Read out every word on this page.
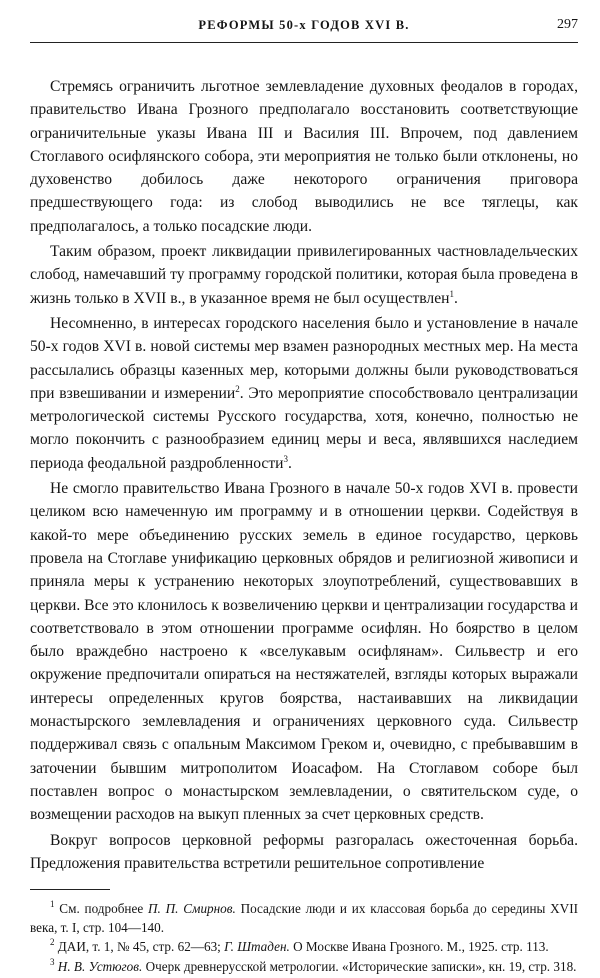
РЕФОРМЫ 50-х ГОДОВ XVI В.	297

Стремясь ограничить льготное землевладение духовных феодалов в городах, правительство Ивана Грозного предполагало восстановить соответствующие ограничительные указы Ивана III и Василия III. Впрочем, под давлением Стоглавого осифлянского собора, эти мероприятия не только были отклонены, но духовенство добилось даже некоторого ограничения приговора предшествующего года: из слобод выводились не все тяглецы, как предполагалось, а только посадские люди.

Таким образом, проект ликвидации привилегированных частновладельческих слобод, намечавший ту программу городской политики, которая была проведена в жизнь только в XVII в., в указанное время не был осуществлен$^1$.

Несомненно, в интересах городского населения было и установление в начале 50-х годов XVI в. новой системы мер взамен разнородных местных мер. На места рассылались образцы казенных мер, которыми должны были руководствоваться при взвешивании и измерении$^2$. Это мероприятие способствовало централизации метрологической системы Русского государства, хотя, конечно, полностью не могло покончить с разнообразием единиц меры и веса, являвшихся наследием периода феодальной раздробленности$^3$.

Не смогло правительство Ивана Грозного в начале 50-х годов XVI в. провести целиком всю намеченную им программу и в отношении церкви. Содействуя в какой-то мере объединению русских земель в единое государство, церковь провела на Стоглаве унификацию церковных обрядов и религиозной живописи и приняла меры к устранению некоторых злоупотреблений, существовавших в церкви. Все это клонилось к возвеличению церкви и централизации государства и соответствовало в этом отношении программе осифлян. Но боярство в целом было враждебно настроено к «вселукавым осифлянам». Сильвестр и его окружение предпочитали опираться на нестяжателей, взгляды которых выражали интересы определенных кругов боярства, настаивавших на ликвидации монастырского землевладения и ограничениях церковного суда. Сильвестр поддерживал связь с опальным Максимом Греком и, очевидно, с пребывавшим в заточении бывшим митрополитом Иоасафом. На Стоглавом соборе был поставлен вопрос о монастырском землевладении, о святительском суде, о возмещении расходов на выкуп пленных за счет церковных средств.

Вокруг вопросов церковной реформы разгоралась ожесточенная борьба. Предложения правительства встретили решительное сопротивление

$^1$ См. подробнее П. П. Смирнов. Посадские люди и их классовая борьба до середины XVII века, т. I, стр. 104—140.

$^2$ ДАИ, т. 1, № 45, стр. 62—63; Г. Штаден. О Москве Ивана Грозного. М., 1925. стр. 113.

$^3$ Н. В. Устюгов. Очерк древнерусской метрологии. «Исторические записки», кн. 19, стр. 318.
